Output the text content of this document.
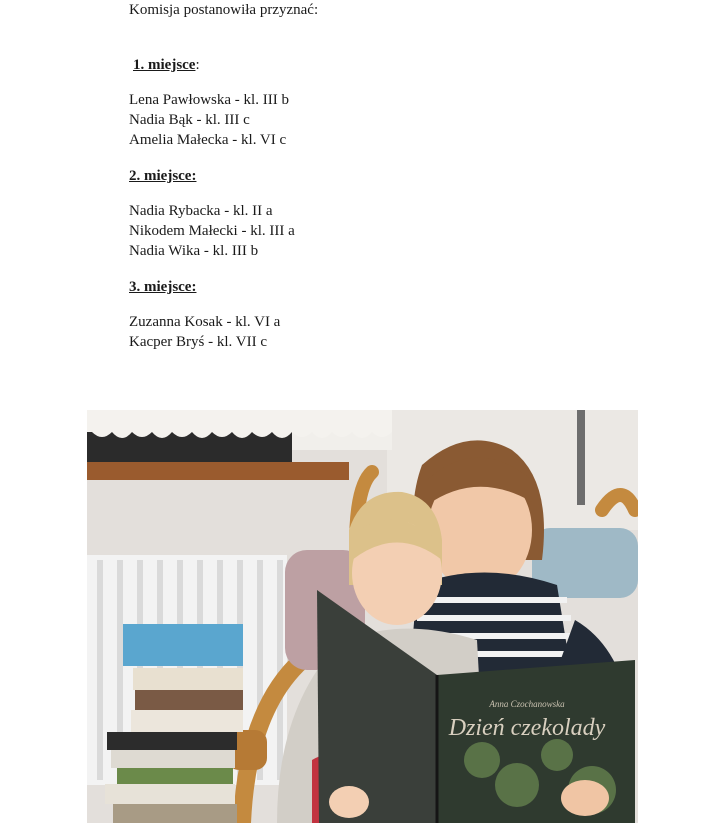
Komisja postanowiła przyznać:
1. miejsce:
Lena Pawłowska - kl. III b
Nadia Bąk - kl. III c
Amelia Małecka - kl. VI c
2. miejsce:
Nadia Rybacka - kl. II a
Nikodem Małecki - kl. III a
Nadia Wika - kl. III b
3. miejsce:
Zuzanna Kosak - kl. VI a
Kacper Bryś - kl. VII c
Anna Czochanowska
Dzień czekolady
